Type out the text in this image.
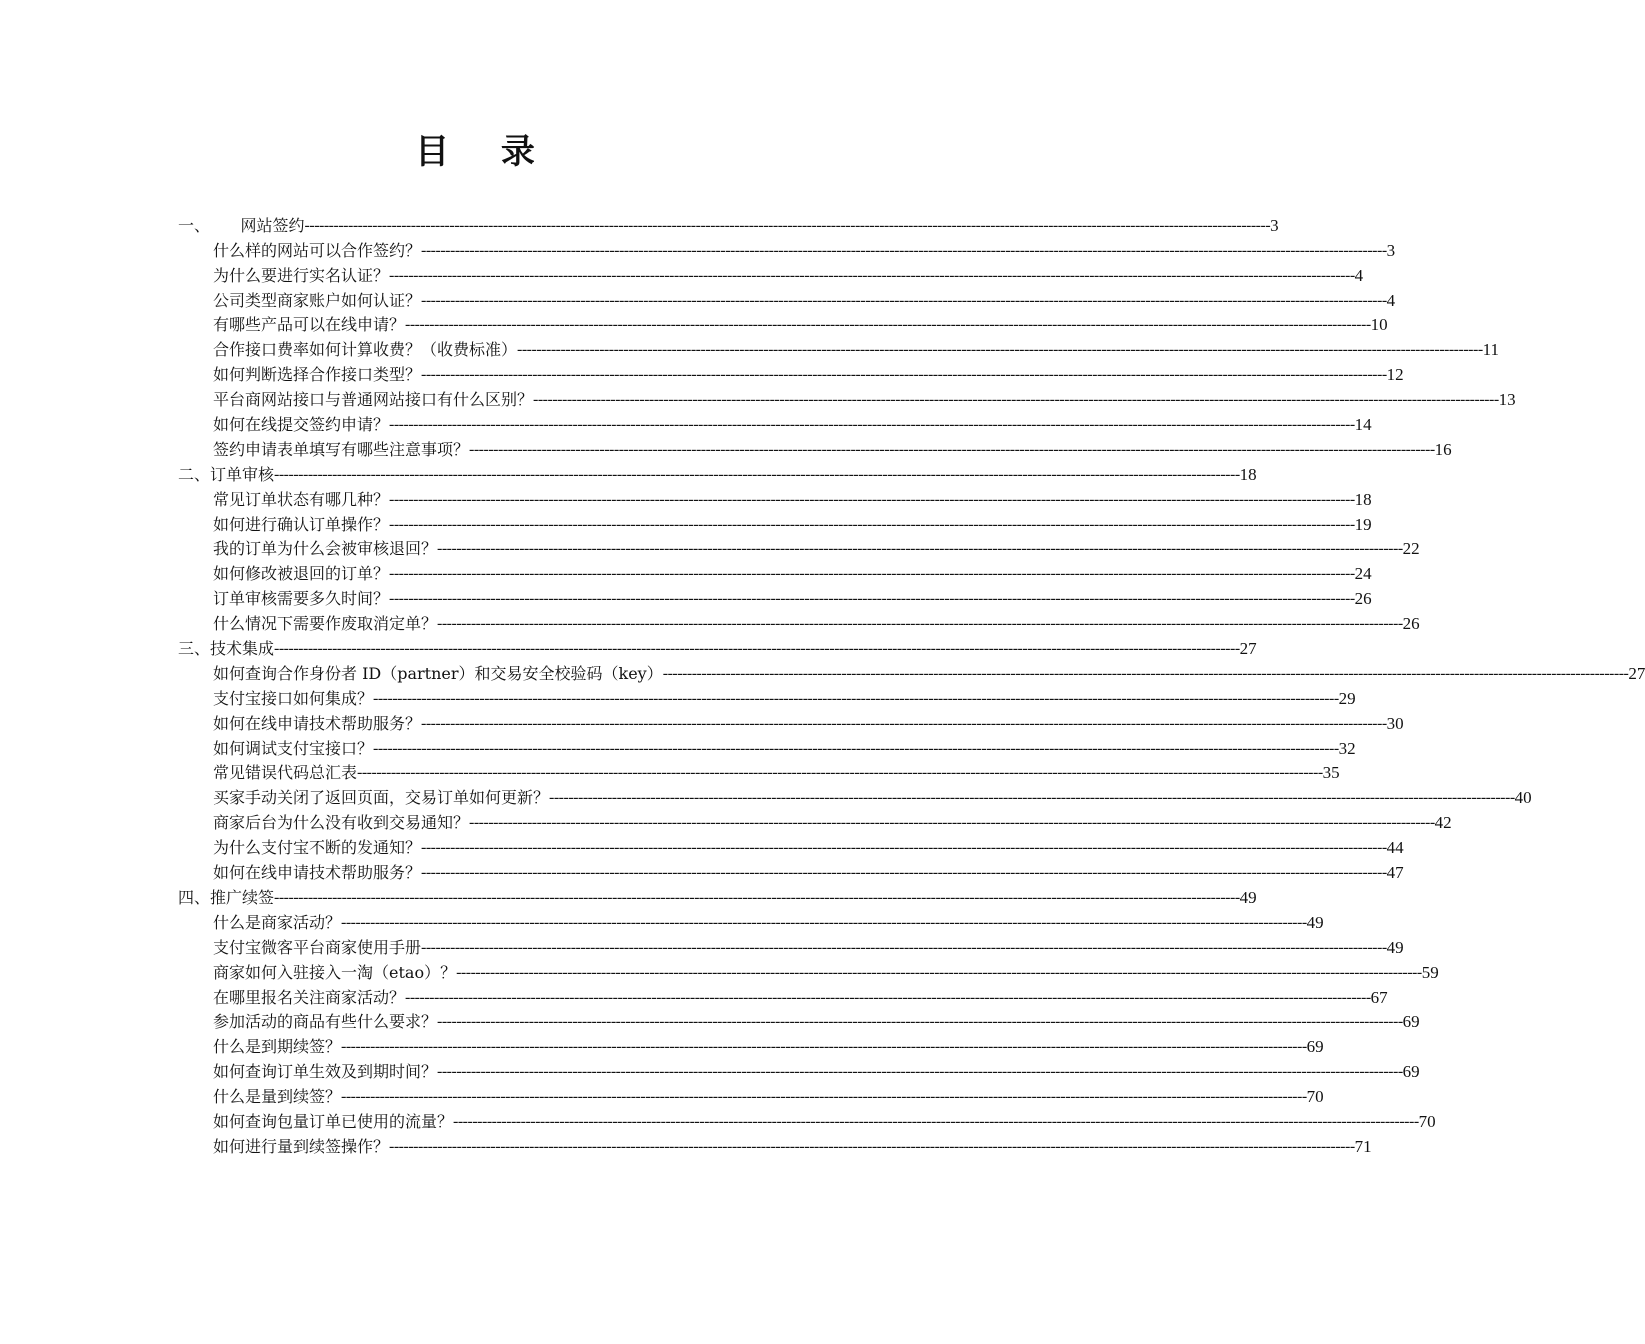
目 录
一、      网站签约 -------------------------------------------------------------------------------------------------------------------------------------------------------------------------------------------------------- 3
什么样的网站可以合作签约？ -------------------------------------------------------------------------------------------------------------------------------------------------------------------------------------------------------- 3
为什么要进行实名认证？ -------------------------------------------------------------------------------------------------------------------------------------------------------------------------------------------------------- 4
公司类型商家账户如何认证？ -------------------------------------------------------------------------------------------------------------------------------------------------------------------------------------------------------- 4
有哪些产品可以在线申请？ -------------------------------------------------------------------------------------------------------------------------------------------------------------------------------------------------------- 10
合作接口费率如何计算收费？（收费标准） -------------------------------------------------------------------------------------------------------------------------------------------------------------------------------------------------------- 11
如何判断选择合作接口类型？ -------------------------------------------------------------------------------------------------------------------------------------------------------------------------------------------------------- 12
平台商网站接口与普通网站接口有什么区别？ -------------------------------------------------------------------------------------------------------------------------------------------------------------------------------------------------------- 13
如何在线提交签约申请？ -------------------------------------------------------------------------------------------------------------------------------------------------------------------------------------------------------- 14
签约申请表单填写有哪些注意事项？ -------------------------------------------------------------------------------------------------------------------------------------------------------------------------------------------------------- 16
二、订单审核 -------------------------------------------------------------------------------------------------------------------------------------------------------------------------------------------------------- 18
常见订单状态有哪几种？ -------------------------------------------------------------------------------------------------------------------------------------------------------------------------------------------------------- 18
如何进行确认订单操作？ -------------------------------------------------------------------------------------------------------------------------------------------------------------------------------------------------------- 19
我的订单为什么会被审核退回？ -------------------------------------------------------------------------------------------------------------------------------------------------------------------------------------------------------- 22
如何修改被退回的订单？ -------------------------------------------------------------------------------------------------------------------------------------------------------------------------------------------------------- 24
订单审核需要多久时间？ -------------------------------------------------------------------------------------------------------------------------------------------------------------------------------------------------------- 26
什么情况下需要作废取消定单？ -------------------------------------------------------------------------------------------------------------------------------------------------------------------------------------------------------- 26
三、技术集成 -------------------------------------------------------------------------------------------------------------------------------------------------------------------------------------------------------- 27
如何查询合作身份者 ID（partner）和交易安全校验码（key） -------------------------------------------------------------------------------------------------------------------------------------------------------------------------------------------------------- 27
支付宝接口如何集成？ -------------------------------------------------------------------------------------------------------------------------------------------------------------------------------------------------------- 29
如何在线申请技术帮助服务？ -------------------------------------------------------------------------------------------------------------------------------------------------------------------------------------------------------- 30
如何调试支付宝接口？ -------------------------------------------------------------------------------------------------------------------------------------------------------------------------------------------------------- 32
常见错误代码总汇表 -------------------------------------------------------------------------------------------------------------------------------------------------------------------------------------------------------- 35
买家手动关闭了返回页面，交易订单如何更新？ -------------------------------------------------------------------------------------------------------------------------------------------------------------------------------------------------------- 40
商家后台为什么没有收到交易通知？ -------------------------------------------------------------------------------------------------------------------------------------------------------------------------------------------------------- 42
为什么支付宝不断的发通知？ -------------------------------------------------------------------------------------------------------------------------------------------------------------------------------------------------------- 44
如何在线申请技术帮助服务？ -------------------------------------------------------------------------------------------------------------------------------------------------------------------------------------------------------- 47
四、推广续签 -------------------------------------------------------------------------------------------------------------------------------------------------------------------------------------------------------- 49
什么是商家活动？ -------------------------------------------------------------------------------------------------------------------------------------------------------------------------------------------------------- 49
支付宝微客平台商家使用手册 -------------------------------------------------------------------------------------------------------------------------------------------------------------------------------------------------------- 49
商家如何入驻接入一淘（etao）？ -------------------------------------------------------------------------------------------------------------------------------------------------------------------------------------------------------- 59
在哪里报名关注商家活动？ -------------------------------------------------------------------------------------------------------------------------------------------------------------------------------------------------------- 67
参加活动的商品有些什么要求？ -------------------------------------------------------------------------------------------------------------------------------------------------------------------------------------------------------- 69
什么是到期续签？ -------------------------------------------------------------------------------------------------------------------------------------------------------------------------------------------------------- 69
如何查询订单生效及到期时间？ -------------------------------------------------------------------------------------------------------------------------------------------------------------------------------------------------------- 69
什么是量到续签？ -------------------------------------------------------------------------------------------------------------------------------------------------------------------------------------------------------- 70
如何查询包量订单已使用的流量？ -------------------------------------------------------------------------------------------------------------------------------------------------------------------------------------------------------- 70
如何进行量到续签操作？ -------------------------------------------------------------------------------------------------------------------------------------------------------------------------------------------------------- 71
